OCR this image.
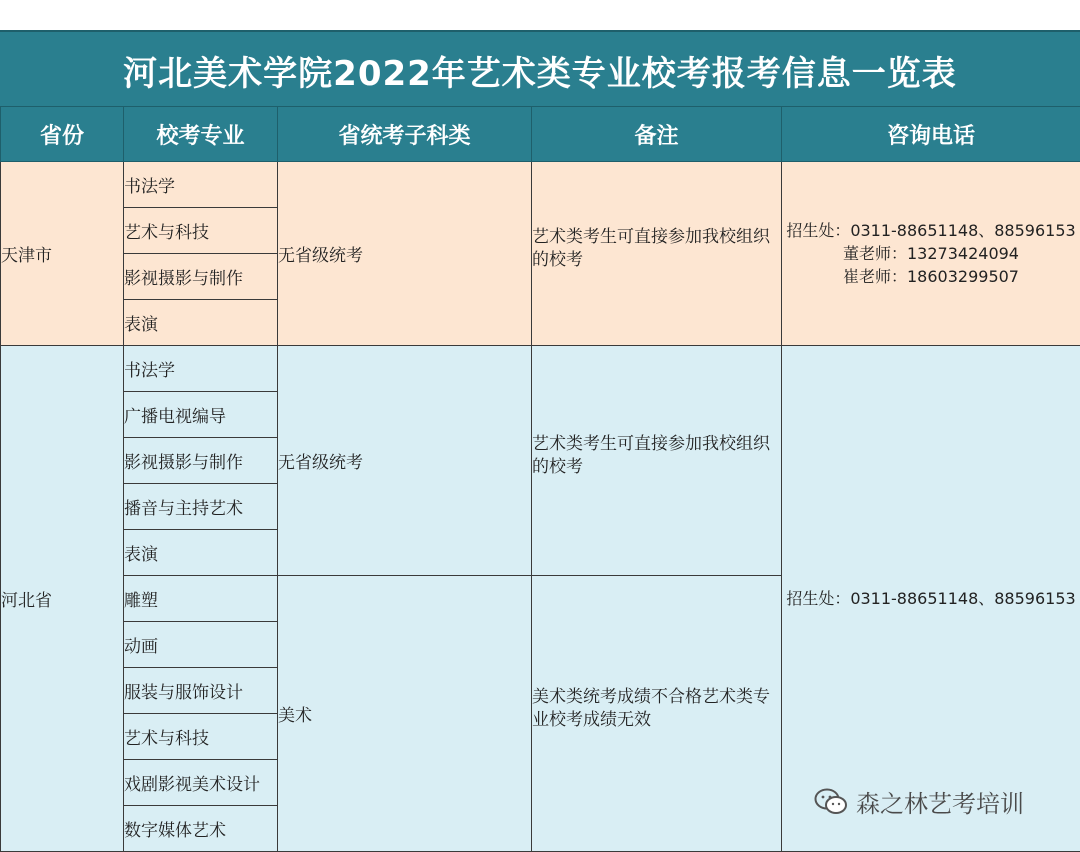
河北美术学院2022年艺术类专业校考报考信息一览表
省份	校考专业	省统考子科类	备注	咨询电话
天津市	书法学	无省级统考	艺术类考生可直接参加我校组织的校考	招生处：0311-88651148、88596153
董老师：13273424094
崔老师：18603299507

	艺术与科技			
	影视摄影与制作			
	表演			
河北省	书法学	无省级统考	艺术类考生可直接参加我校组织的校考	招生处：0311-88651148、88596153

	广播电视编导			
	影视摄影与制作			
	播音与主持艺术			
	表演			
	雕塑	美术	美术类统考成绩不合格艺术类专业校考成绩无效	

	动画			
	服装与服饰设计			
	艺术与科技			
	戏剧影视美术设计			
	数字媒体艺术			
森之林艺考培训
